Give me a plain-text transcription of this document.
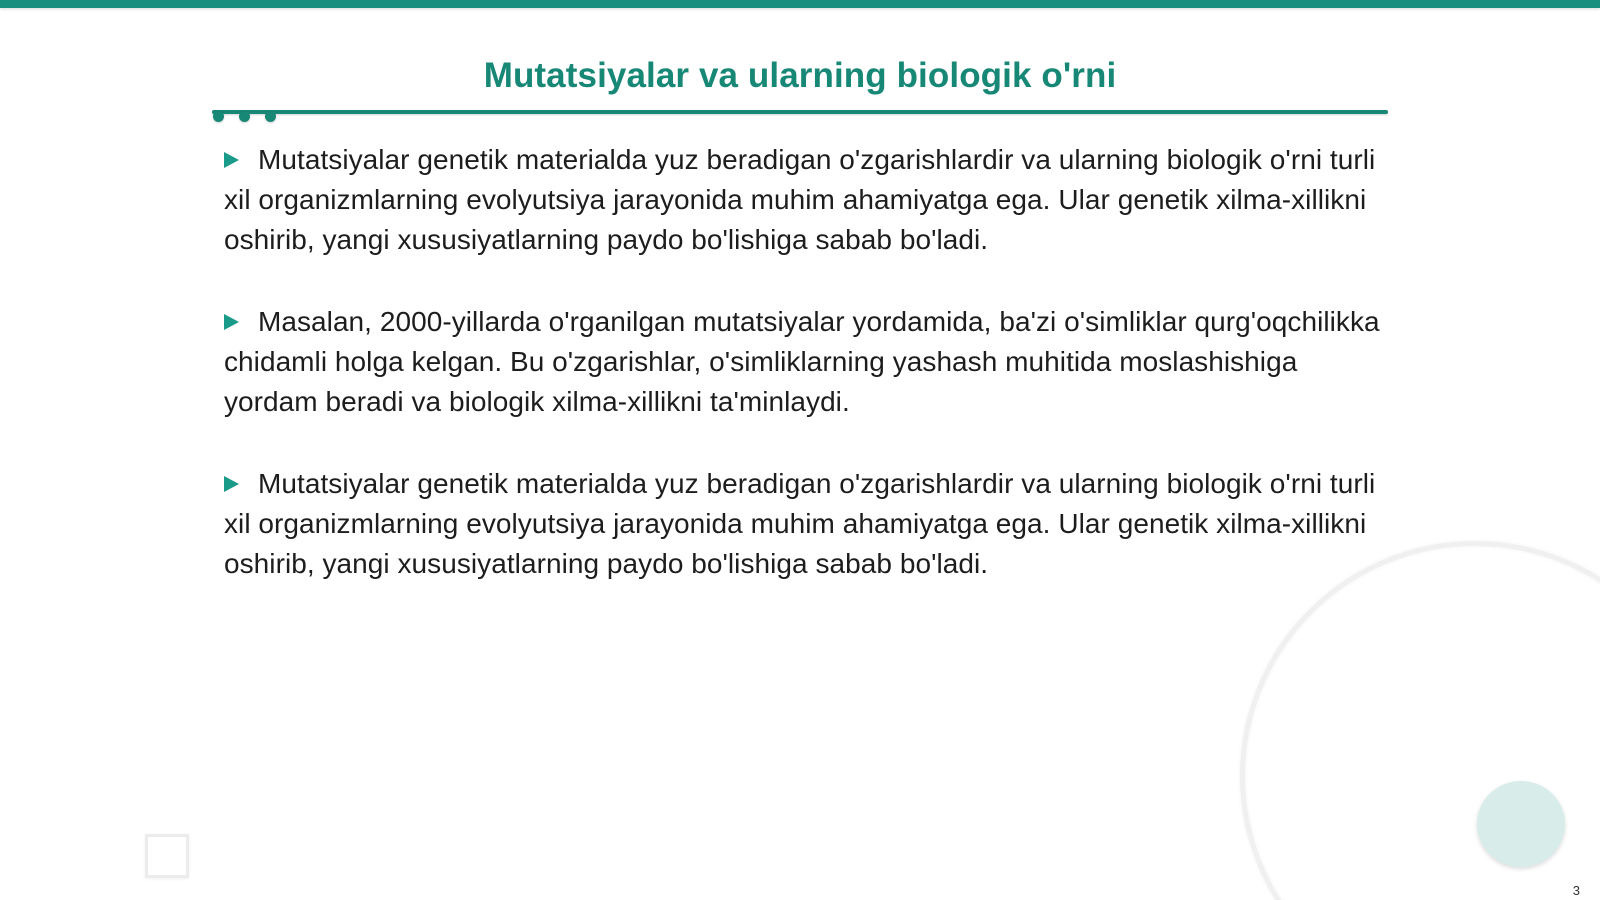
Mutatsiyalar va ularning biologik o'rni

Mutatsiyalar genetik materialda yuz beradigan o'zgarishlardir va ularning biologik o'rni turli xil organizmlarning evolyutsiya jarayonida muhim ahamiyatga ega. Ular genetik xilma-xillikni oshirib, yangi xususiyatlarning paydo bo'lishiga sabab bo'ladi.

Masalan, 2000-yillarda o'rganilgan mutatsiyalar yordamida, ba'zi o'simliklar qurg'oqchilikka chidamli holga kelgan. Bu o'zgarishlar, o'simliklarning yashash muhitida moslashishiga yordam beradi va biologik xilma-xillikni ta'minlaydi.

Mutatsiyalar genetik materialda yuz beradigan o'zgarishlardir va ularning biologik o'rni turli xil organizmlarning evolyutsiya jarayonida muhim ahamiyatga ega. Ular genetik xilma-xillikni oshirib, yangi xususiyatlarning paydo bo'lishiga sabab bo'ladi.

3
